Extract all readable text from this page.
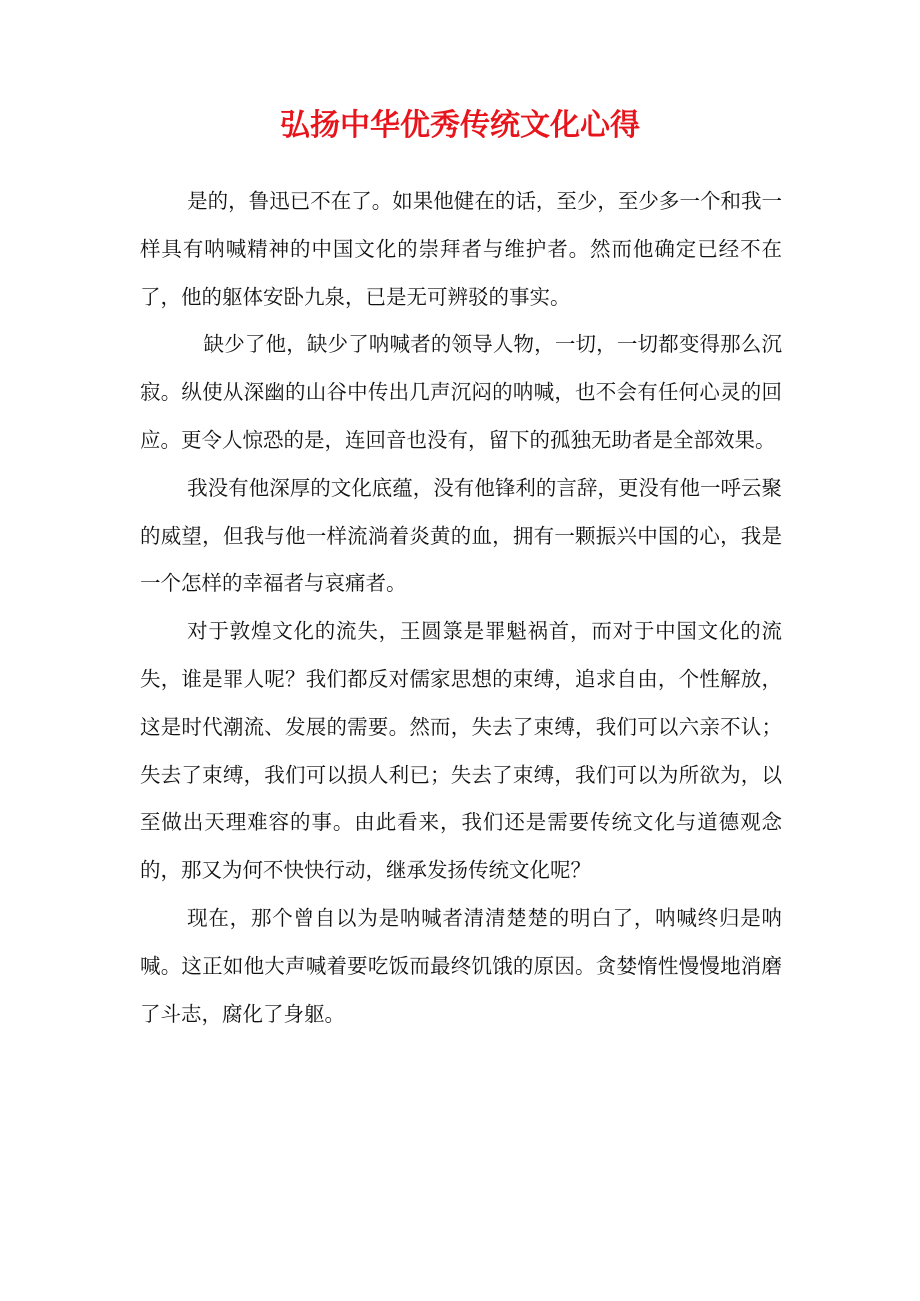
弘扬中华优秀传统文化心得

是的，鲁迅已不在了。如果他健在的话，至少，至少多一个和我一样具有呐喊精神的中国文化的崇拜者与维护者。然而他确定已经不在了，他的躯体安卧九泉，已是无可辨驳的事实。

缺少了他，缺少了呐喊者的领导人物，一切，一切都变得那么沉寂。纵使从深幽的山谷中传出几声沉闷的呐喊，也不会有任何心灵的回应。更令人惊恐的是，连回音也没有，留下的孤独无助者是全部效果。

我没有他深厚的文化底蕴，没有他锋利的言辞，更没有他一呼云聚的威望，但我与他一样流淌着炎黄的血，拥有一颗振兴中国的心，我是一个怎样的幸福者与哀痛者。

对于敦煌文化的流失，王圆箓是罪魁祸首，而对于中国文化的流失，谁是罪人呢？我们都反对儒家思想的束缚，追求自由，个性解放，这是时代潮流、发展的需要。然而，失去了束缚，我们可以六亲不认；失去了束缚，我们可以损人利已；失去了束缚，我们可以为所欲为，以至做出天理难容的事。由此看来，我们还是需要传统文化与道德观念的，那又为何不快快行动，继承发扬传统文化呢？

现在，那个曾自以为是呐喊者清清楚楚的明白了，呐喊终归是呐喊。这正如他大声喊着要吃饭而最终饥饿的原因。贪婪惰性慢慢地消磨了斗志，腐化了身躯。
